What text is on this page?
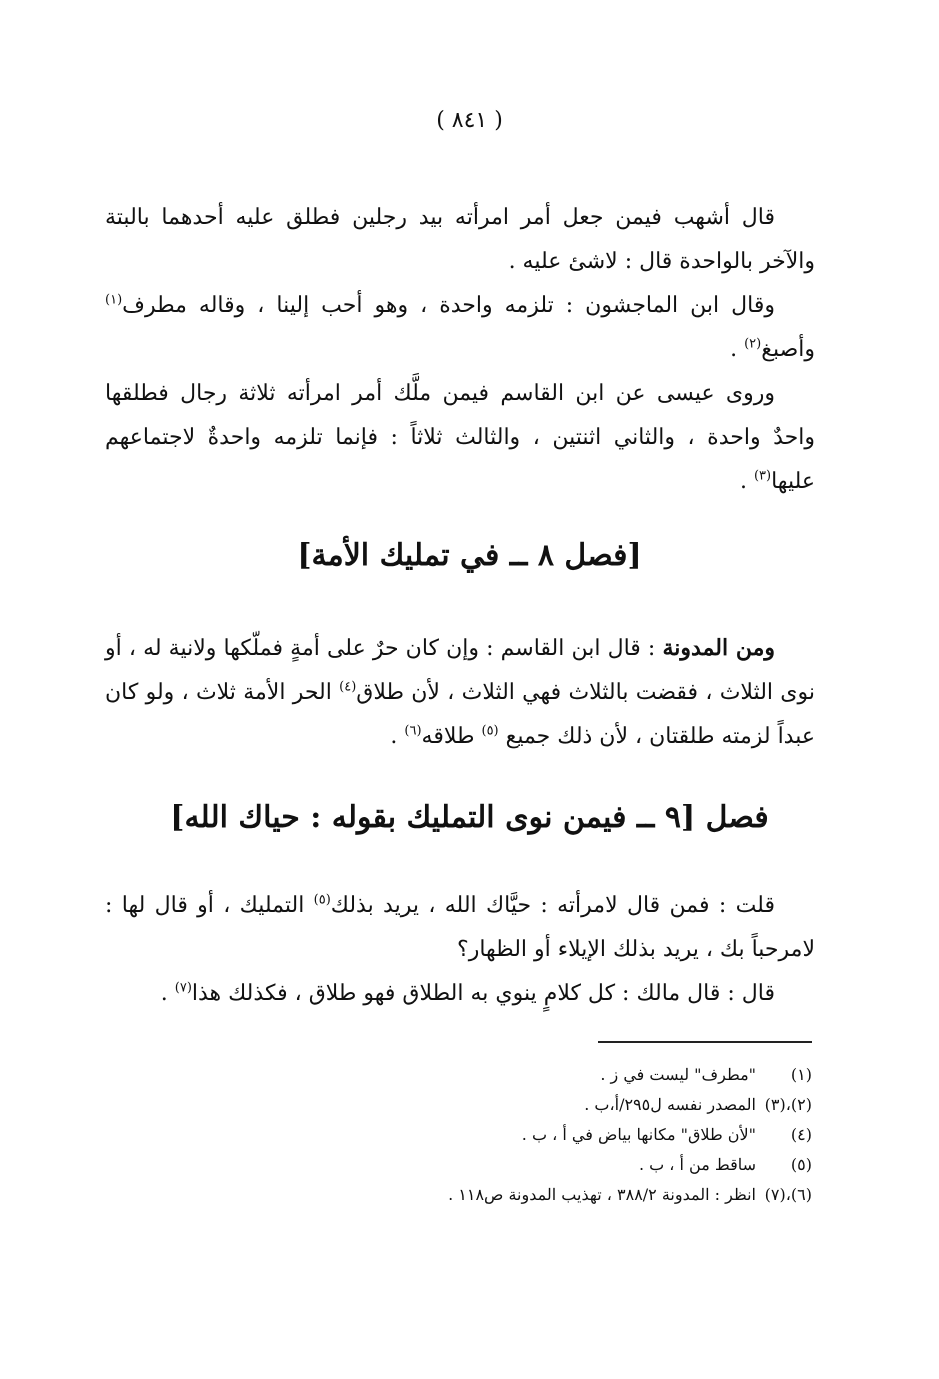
( ٨٤١ )

قال أشهب فيمن جعل أمر امرأته بيد رجلين فطلق عليه أحدهما بالبتة والآخر بالواحدة قال : لاشئ عليه .

وقال ابن الماجشون : تلزمه واحدة ، وهو أحب إلينا ، وقاله مطرف$^{(١)}$ وأصبغ$^{(٢)}$ .

وروى عيسى عن ابن القاسم فيمن ملَّك أمر امرأته ثلاثة رجال فطلقها واحدٌ واحدة ، والثاني اثنتين ، والثالث ثلاثاً : فإنما تلزمه واحدةٌ لاجتماعهم عليها$^{(٣)}$ .

[فصل ٨ ــ في تمليك الأمة]

ومن المدونة : قال ابن القاسم : وإن كان حرٌ على أمةٍ فملّكها ولانية له ، أو نوى الثلاث ، فقضت بالثلاث فهي الثلاث ، لأن طلاق$^{(٤)}$ الحر الأمة ثلاث ، ولو كان عبداً لزمته طلقتان ، لأن ذلك جميع $^{(٥)}$ طلاقه$^{(٦)}$ .

فصل [٩ ــ فيمن نوى التمليك بقوله : حياك الله]

قلت : فمن قال لامرأته : حيَّاك الله ، يريد بذلك$^{(٥)}$ التمليك ، أو قال لها : لامرحباً بك ، يريد بذلك الإيلاء أو الظهار؟

قال : قال مالك : كل كلامٍ ينوي به الطلاق فهو طلاق ، فكذلك هذا$^{(٧)}$ .

(١)"مطرف" ليست في ز .

(٢)،(٣)المصدر نفسه ل٢٩٥/أ،ب .

(٤)"لأن طلاق" مكانها بياض في أ ، ب .

(٥)ساقط من أ ، ب .

(٦)،(٧)انظر : المدونة ٣٨٨/٢ ، تهذيب المدونة ص١١٨ .
